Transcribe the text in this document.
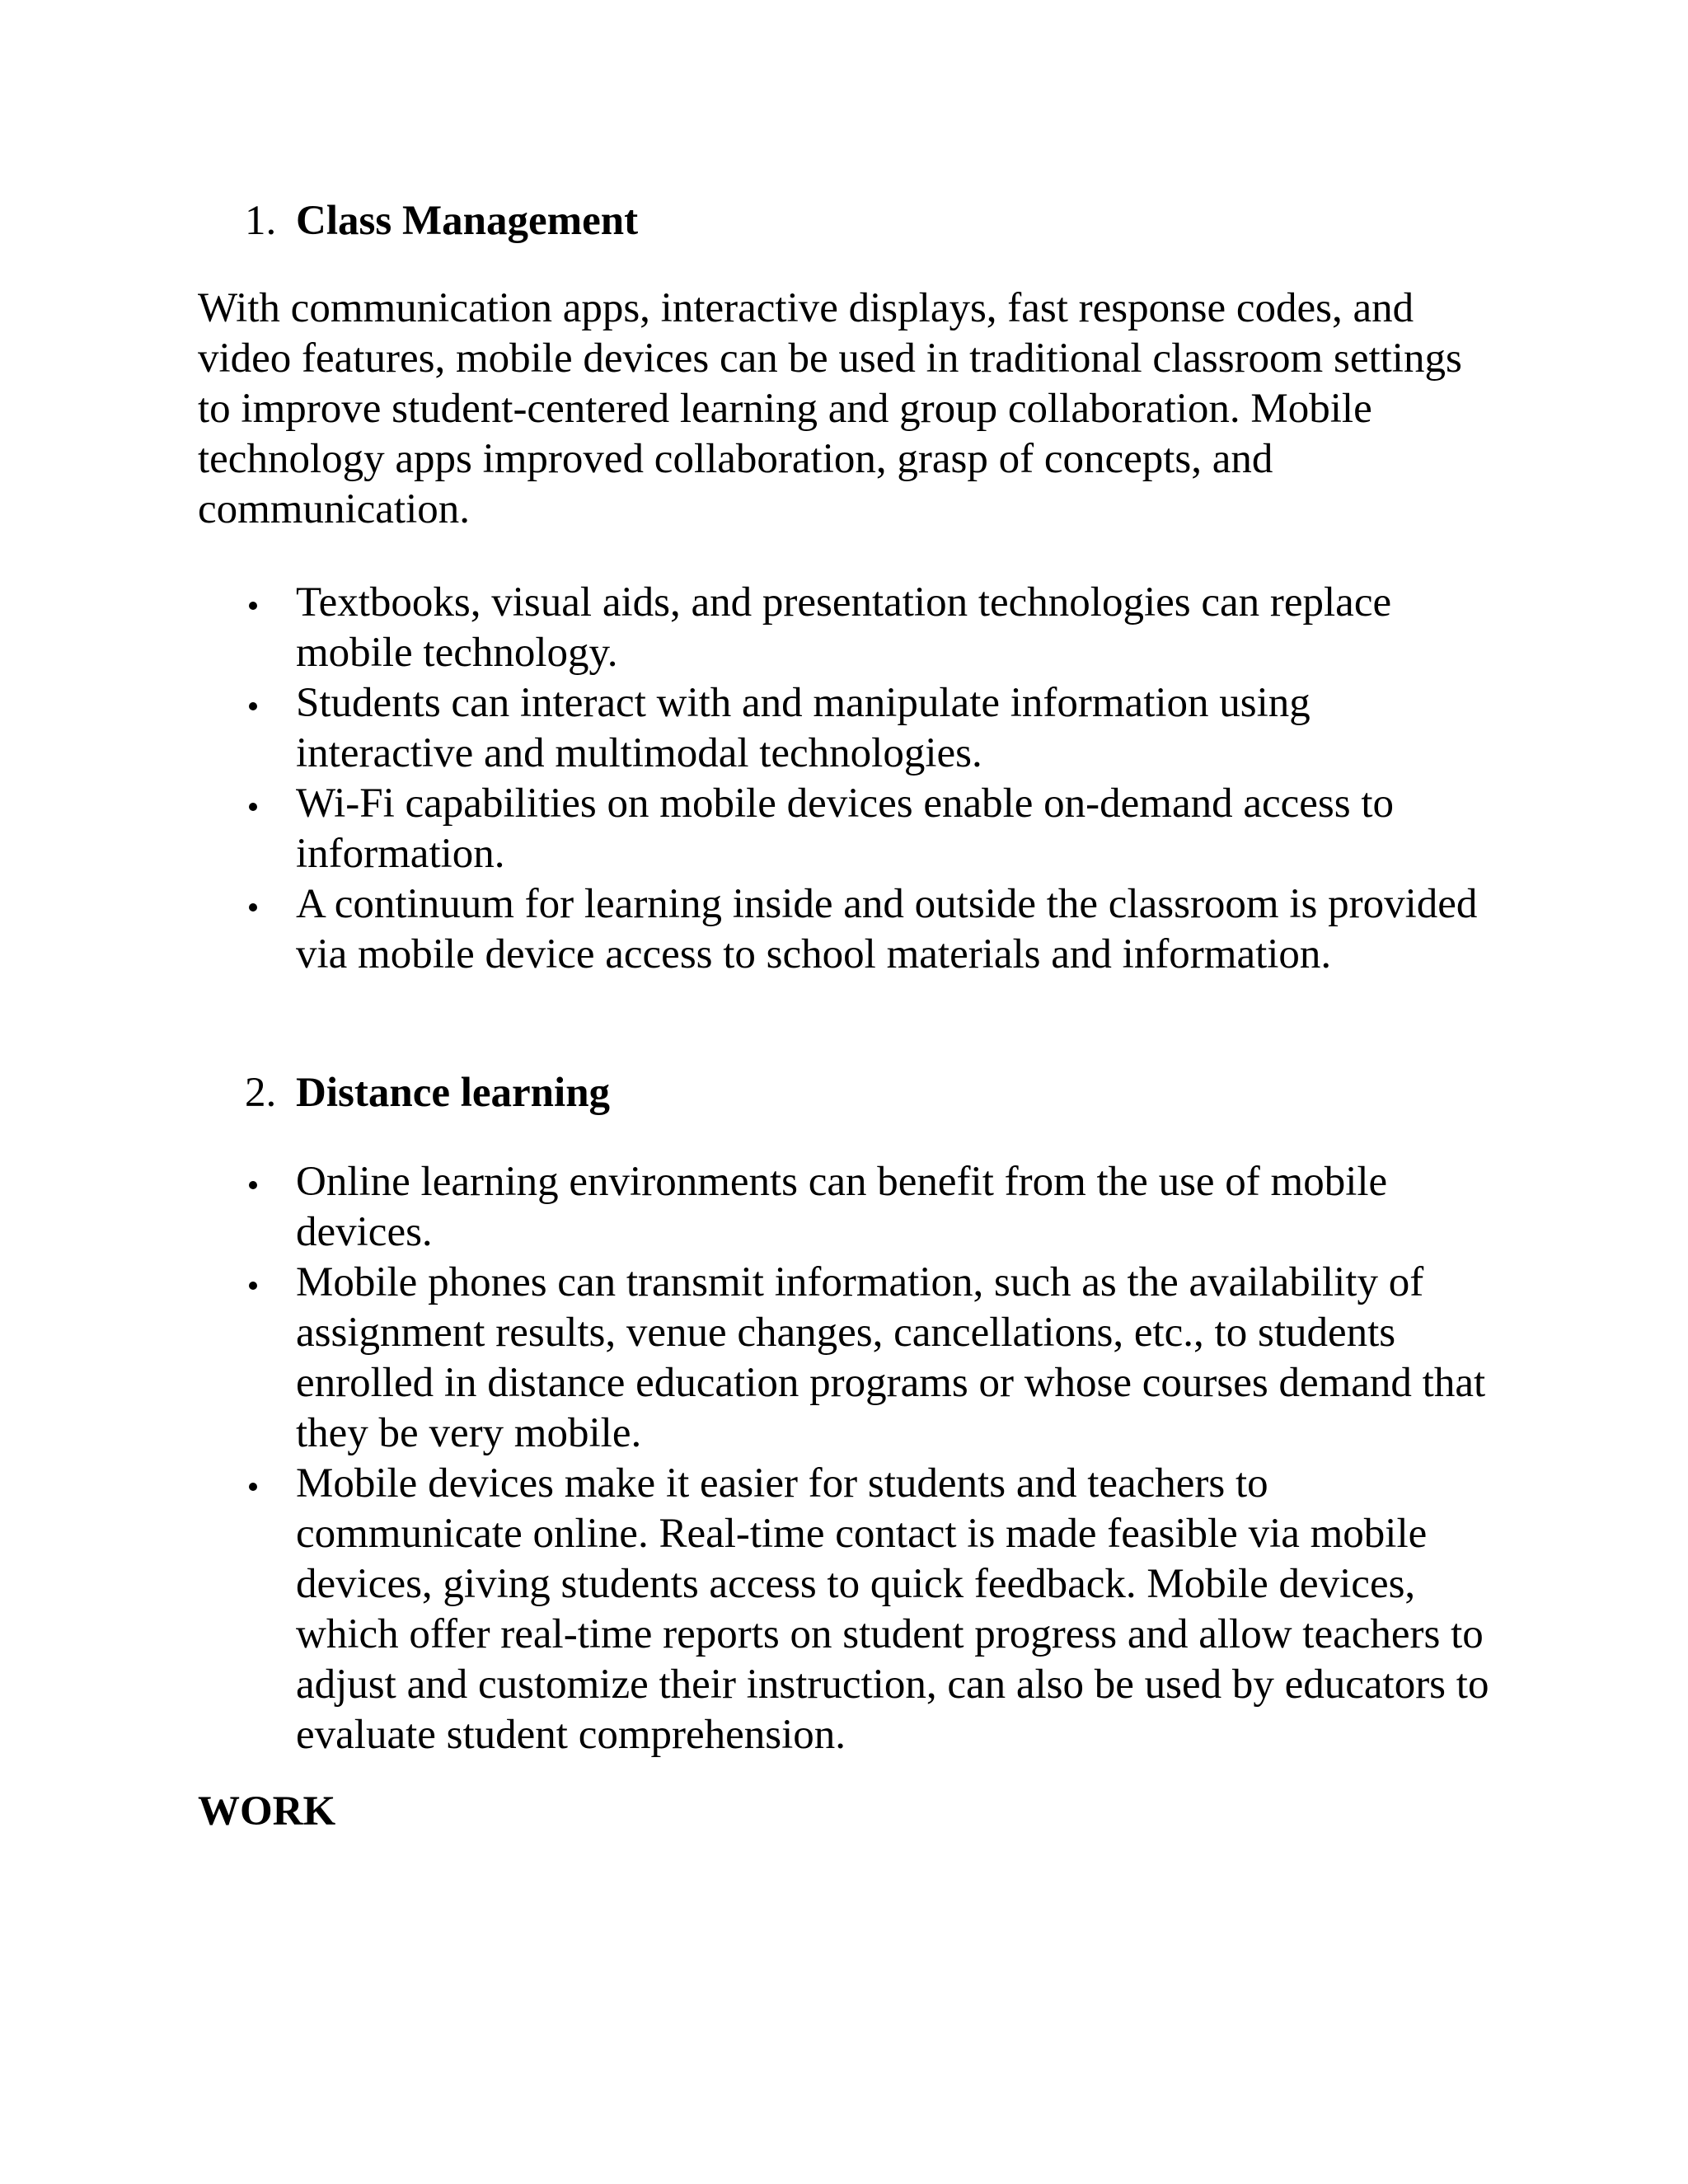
1. Class Management

With communication apps, interactive displays, fast response codes, and video features, mobile devices can be used in traditional classroom settings to improve student-centered learning and group collaboration. Mobile technology apps improved collaboration, grasp of concepts, and communication.

Textbooks, visual aids, and presentation technologies can replace mobile technology.
Students can interact with and manipulate information using interactive and multimodal technologies.
Wi-Fi capabilities on mobile devices enable on-demand access to information.
A continuum for learning inside and outside the classroom is provided via mobile device access to school materials and information.
2. Distance learning
Online learning environments can benefit from the use of mobile devices.
Mobile phones can transmit information, such as the availability of assignment results, venue changes, cancellations, etc., to students enrolled in distance education programs or whose courses demand that they be very mobile.
Mobile devices make it easier for students and teachers to communicate online. Real-time contact is made feasible via mobile devices, giving students access to quick feedback. Mobile devices, which offer real-time reports on student progress and allow teachers to adjust and customize their instruction, can also be used by educators to evaluate student comprehension.
WORK
